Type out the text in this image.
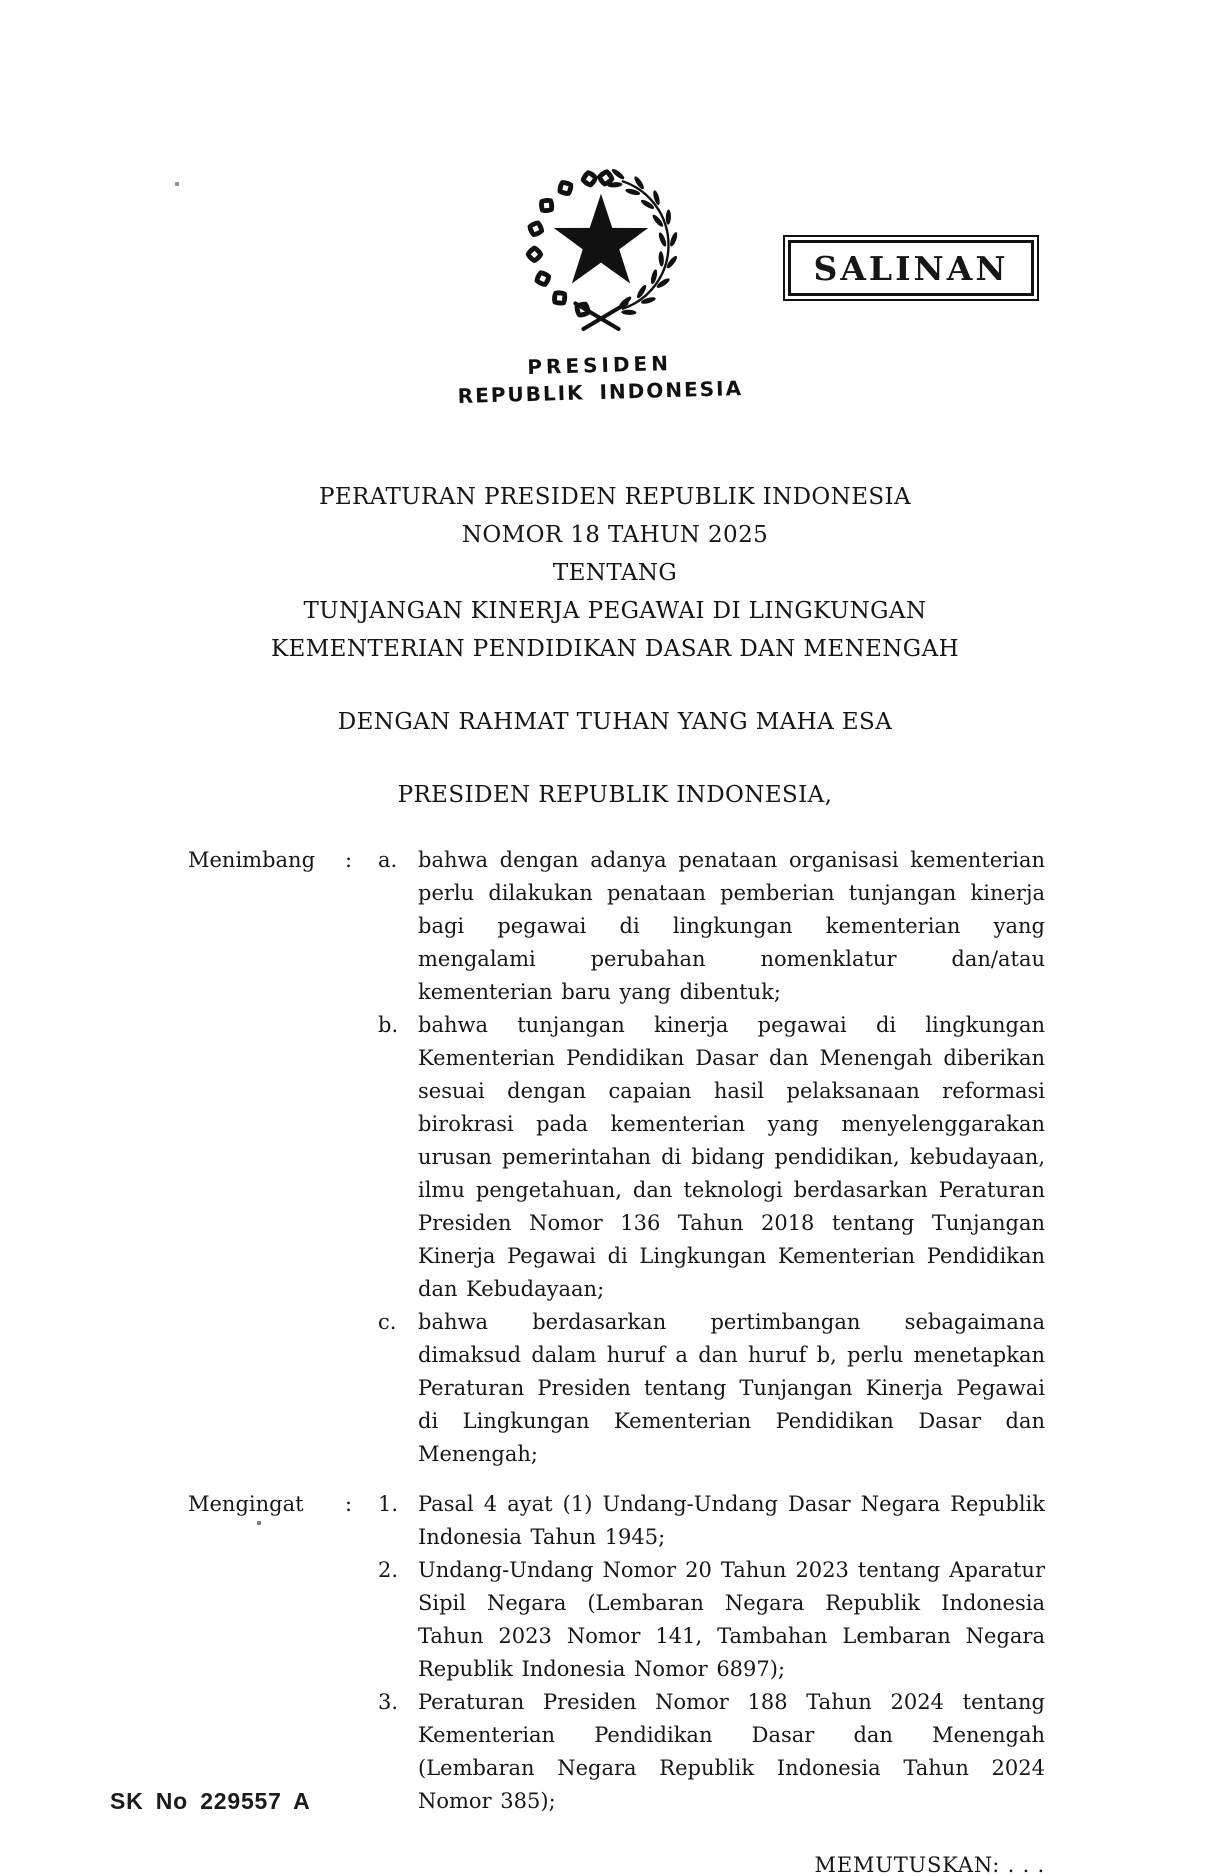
SALINAN
PRESIDEN
REPUBLIK INDONESIA
PERATURAN PRESIDEN REPUBLIK INDONESIA
NOMOR 18 TAHUN 2025
TENTANG
TUNJANGAN KINERJA PEGAWAI DI LINGKUNGAN
KEMENTERIAN PENDIDIKAN DASAR DAN MENENGAH
DENGAN RAHMAT TUHAN YANG MAHA ESA
PRESIDEN REPUBLIK INDONESIA,
Menimbang	:	a. bahwa dengan adanya penataan organisasi kementerian perlu dilakukan penataan pemberian tunjangan kinerja bagi pegawai di lingkungan kementerian yang mengalami perubahan nomenklatur dan/atau kementerian baru yang dibentuk;
b. bahwa tunjangan kinerja pegawai di lingkungan Kementerian Pendidikan Dasar dan Menengah diberikan sesuai dengan capaian hasil pelaksanaan reformasi birokrasi pada kementerian yang menyelenggarakan urusan pemerintahan di bidang pendidikan, kebudayaan, ilmu pengetahuan, dan teknologi berdasarkan Peraturan Presiden Nomor 136 Tahun 2018 tentang Tunjangan Kinerja Pegawai di Lingkungan Kementerian Pendidikan dan Kebudayaan;
c.	bahwa berdasarkan pertimbangan sebagaimana dimaksud dalam huruf a dan huruf b, perlu menetapkan Peraturan Presiden tentang Tunjangan Kinerja Pegawai di Lingkungan Kementerian Pendidikan Dasar dan Menengah;
Mengingat	:	1. Pasal 4 ayat (1) Undang-Undang Dasar Negara Republik Indonesia Tahun 1945;
2. Undang-Undang Nomor 20 Tahun 2023 tentang Aparatur Sipil Negara (Lembaran Negara Republik Indonesia Tahun 2023 Nomor 141, Tambahan Lembaran Negara Republik Indonesia Nomor 6897);
3. Peraturan Presiden Nomor 188 Tahun 2024 tentang Kementerian Pendidikan Dasar dan Menengah (Lembaran Negara Republik Indonesia Tahun 2024 Nomor 385);
MEMUTUSKAN: . . .
SK No 229557 A
